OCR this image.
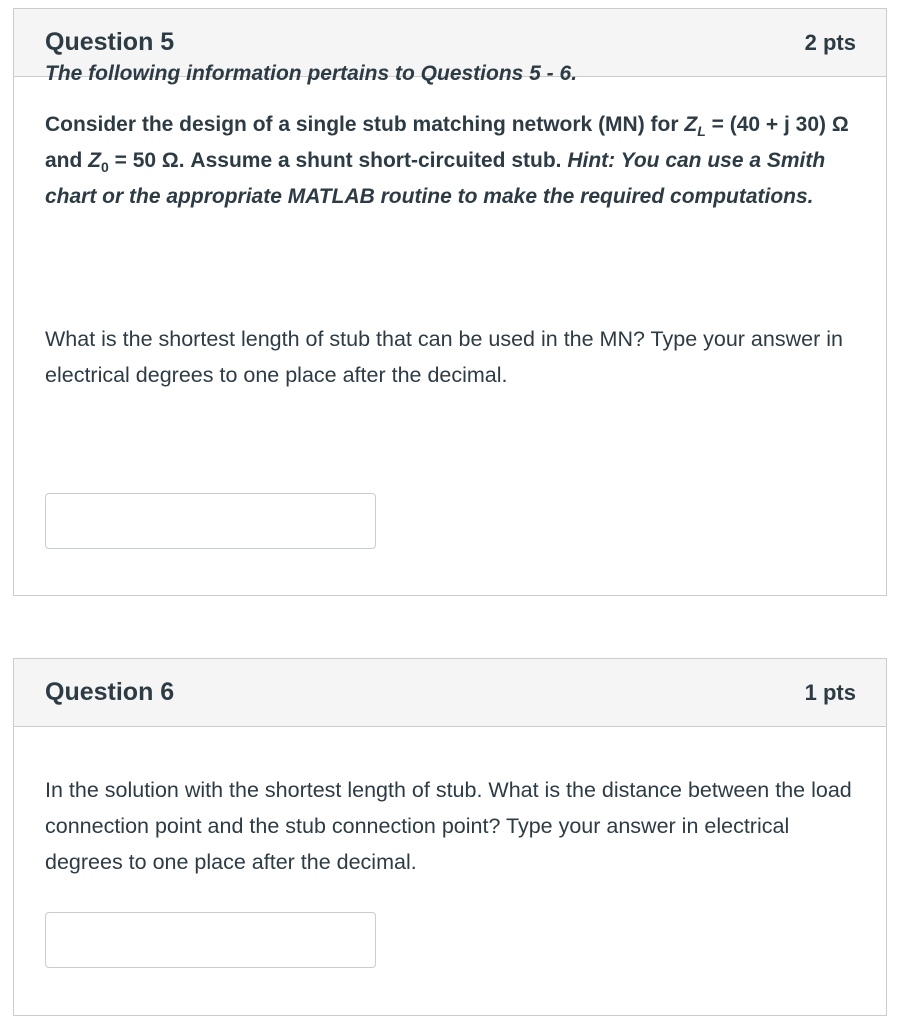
Question 5	2 pts

The following information pertains to Questions 5 - 6.

Consider the design of a single stub matching network (MN) for $Z_L = (40 + j$ 30) Ω and $Z_0 = 50$ Ω. Assume a shunt short-circuited stub. Hint: You can use a Smith chart or the appropriate MATLAB routine to make the required computations.

What is the shortest length of stub that can be used in the MN? Type your answer in electrical degrees to one place after the decimal.

Question 6	1 pts

In the solution with the shortest length of stub. What is the distance between the load connection point and the stub connection point? Type your answer in electrical degrees to one place after the decimal.
